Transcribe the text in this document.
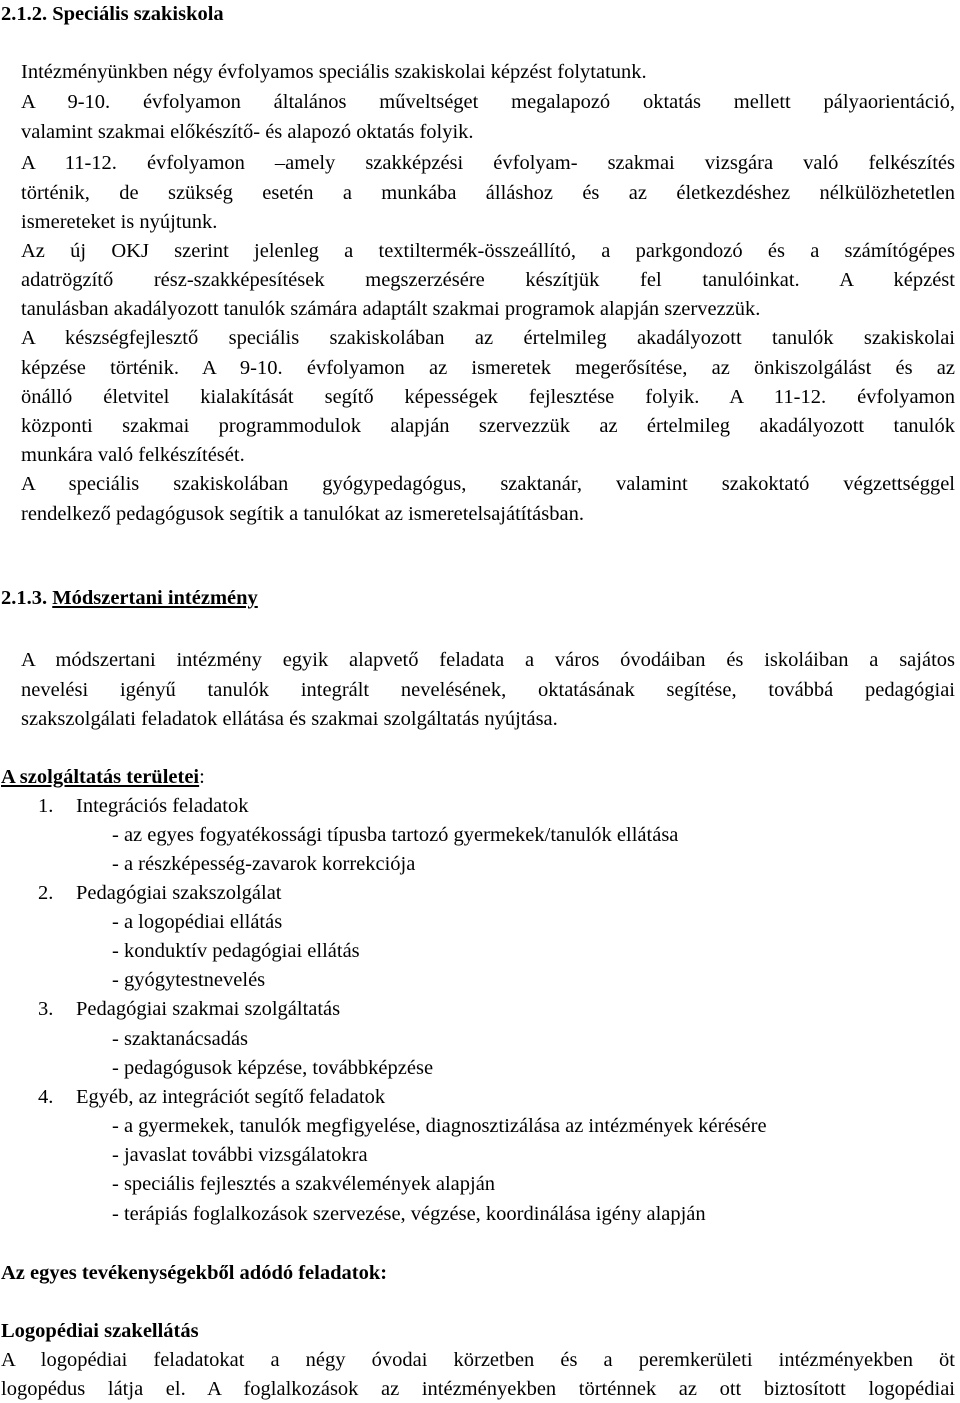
2.1.2. Speciális szakiskola
Intézményünkben négy évfolyamos speciális szakiskolai képzést folytatunk.
A 9-10. évfolyamon általános műveltséget megalapozó oktatás mellett pályaorientáció,
valamint szakmai előkészítő- és alapozó oktatás folyik.
A 11-12. évfolyamon –amely szakképzési évfolyam- szakmai vizsgára való felkészítés
történik, de szükség esetén a munkába álláshoz és az életkezdéshez nélkülözhetetlen
ismereteket is nyújtunk.
Az új OKJ szerint jelenleg a textiltermék-összeállító, a parkgondozó és a számítógépes
adatrögzítő rész-szakképesítések megszerzésére készítjük fel tanulóinkat. A képzést
tanulásban akadályozott tanulók számára adaptált szakmai programok alapján szervezzük.
A készségfejlesztő speciális szakiskolában az értelmileg akadályozott tanulók szakiskolai
képzése történik. A 9-10. évfolyamon az ismeretek megerősítése, az önkiszolgálást és az
önálló életvitel kialakítását segítő képességek fejlesztése folyik. A 11-12. évfolyamon
központi szakmai programmodulok alapján szervezzük az értelmileg akadályozott tanulók
munkára való felkészítését.
A speciális szakiskolában gyógypedagógus, szaktanár, valamint szakoktató végzettséggel
rendelkező pedagógusok segítik a tanulókat az ismeretelsajátításban.
2.1.3. Módszertani intézmény
A módszertani intézmény egyik alapvető feladata a város óvodáiban és iskoláiban a sajátos
nevelési igényű tanulók integrált nevelésének, oktatásának segítése, továbbá pedagógiai
szakszolgálati feladatok ellátása és szakmai szolgáltatás nyújtása.
A szolgáltatás területei:
1. Integrációs feladatok
- az egyes fogyatékossági típusba tartozó gyermekek/tanulók ellátása
- a részképesség-zavarok korrekciója
2. Pedagógiai szakszolgálat
- a logopédiai ellátás
- konduktív pedagógiai ellátás
- gyógytestnevelés
3. Pedagógiai szakmai szolgáltatás
- szaktanácsadás
- pedagógusok képzése, továbbképzése
4. Egyéb, az integrációt segítő feladatok
- a gyermekek, tanulók megfigyelése, diagnosztizálása az intézmények kérésére
- javaslat további vizsgálatokra
- speciális fejlesztés a szakvélemények alapján
- terápiás foglalkozások szervezése, végzése, koordinálása igény alapján
Az egyes tevékenységekből adódó feladatok:
Logopédiai szakellátás
A logopédiai feladatokat a négy óvodai körzetben és a peremkerületi intézményekben öt
logopédus látja el. A foglalkozások az intézményekben történnek az ott biztosított logopédiai
